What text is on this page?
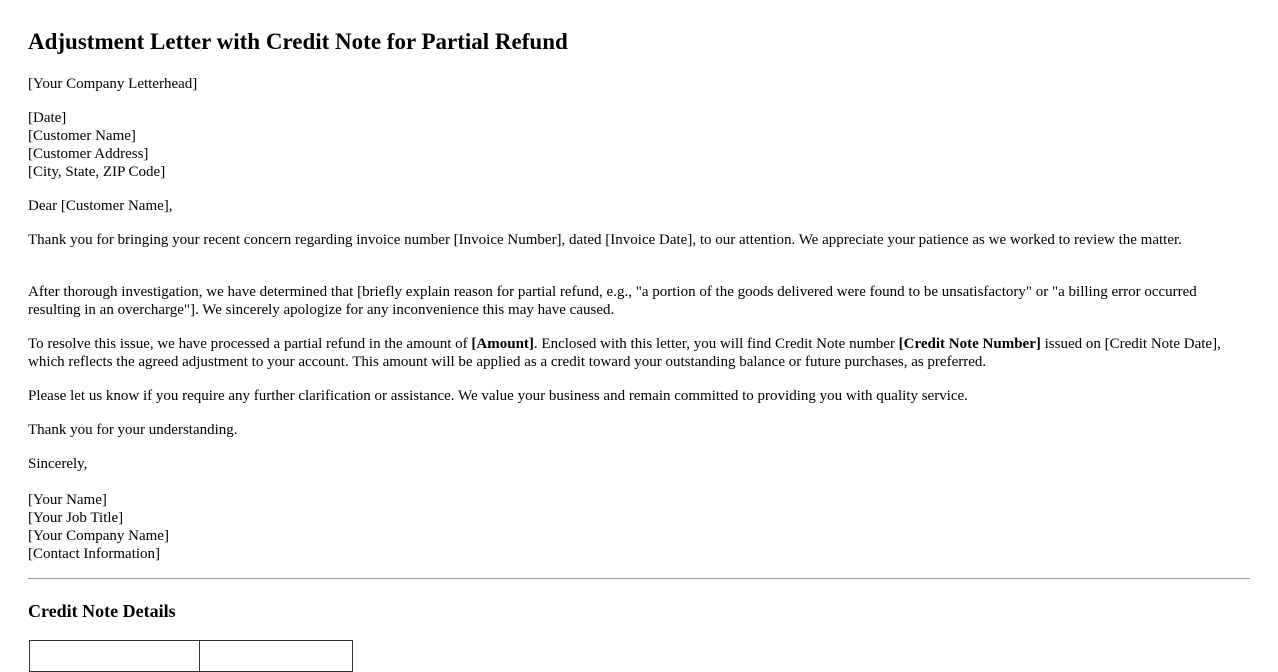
Adjustment Letter with Credit Note for Partial Refund
[Your Company Letterhead]
[Date]
[Customer Name]
[Customer Address]
[City, State, ZIP Code]
Dear [Customer Name],
Thank you for bringing your recent concern regarding invoice number [Invoice Number], dated [Invoice Date], to our attention. We appreciate your patience as we worked to review the matter.
After thorough investigation, we have determined that [briefly explain reason for partial refund, e.g., "a portion of the goods delivered were found to be unsatisfactory" or "a billing error occurred resulting in an overcharge"]. We sincerely apologize for any inconvenience this may have caused.
To resolve this issue, we have processed a partial refund in the amount of [Amount]. Enclosed with this letter, you will find Credit Note number [Credit Note Number] issued on [Credit Note Date], which reflects the agreed adjustment to your account. This amount will be applied as a credit toward your outstanding balance or future purchases, as preferred.
Please let us know if you require any further clarification or assistance. We value your business and remain committed to providing you with quality service.
Thank you for your understanding.
Sincerely,
[Your Name]
[Your Job Title]
[Your Company Name]
[Contact Information]
Credit Note Details
